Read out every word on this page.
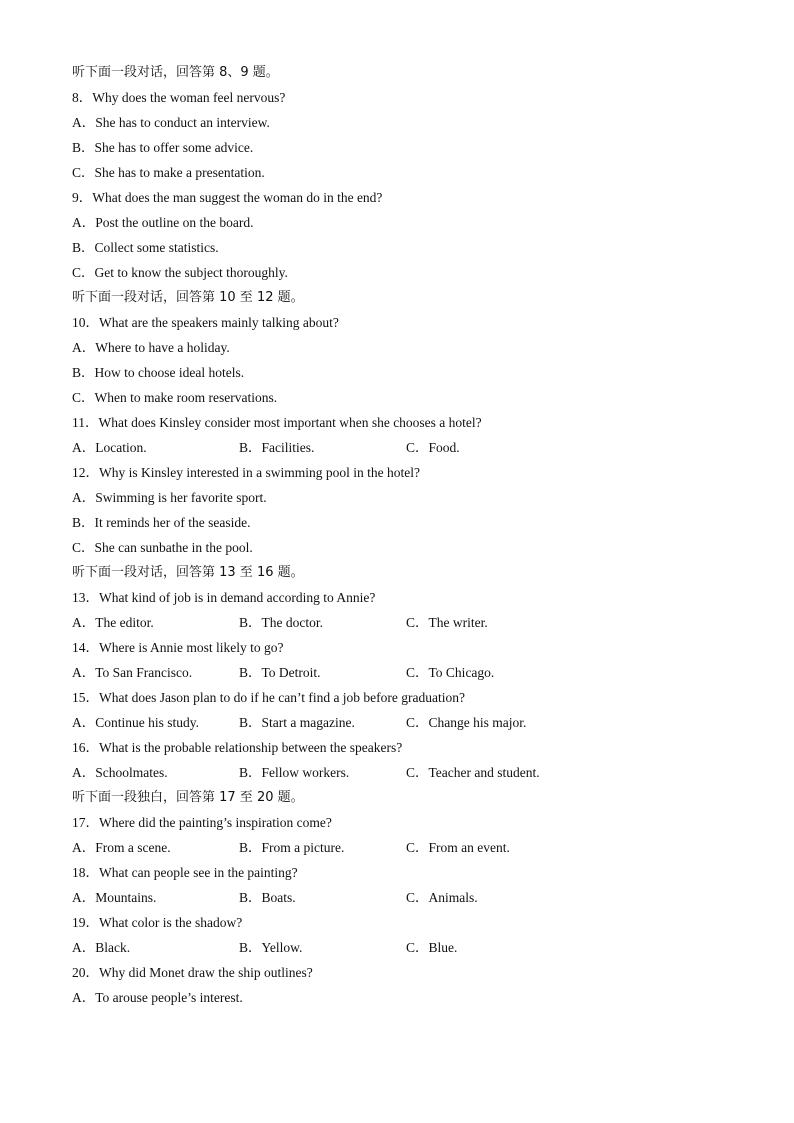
听下面一段对话，回答第 8、9 题。
8．Why does the woman feel nervous?
A．She has to conduct an interview.
B．She has to offer some advice.
C．She has to make a presentation.
9．What does the man suggest the woman do in the end?
A．Post the outline on the board.
B．Collect some statistics.
C．Get to know the subject thoroughly.
听下面一段对话，回答第 10 至 12 题。
10．What are the speakers mainly talking about?
A．Where to have a holiday.
B．How to choose ideal hotels.
C．When to make room reservations.
11．What does Kinsley consider most important when she chooses a hotel?
A．Location.	B．Facilities.	C．Food.
12．Why is Kinsley interested in a swimming pool in the hotel?
A．Swimming is her favorite sport.
B．It reminds her of the seaside.
C．She can sunbathe in the pool.
听下面一段对话，回答第 13 至 16 题。
13．What kind of job is in demand according to Annie?
A．The editor.	B．The doctor.	C．The writer.
14．Where is Annie most likely to go?
A．To San Francisco.	B．To Detroit.	C．To Chicago.
15．What does Jason plan to do if he can’t find a job before graduation?
A．Continue his study.	B．Start a magazine.	C．Change his major.
16．What is the probable relationship between the speakers?
A．Schoolmates.	B．Fellow workers.	C．Teacher and student.
听下面一段独白，回答第 17 至 20 题。
17．Where did the painting’s inspiration come?
A．From a scene.	B．From a picture.	C．From an event.
18．What can people see in the painting?
A．Mountains.	B．Boats.	C．Animals.
19．What color is the shadow?
A．Black.	B．Yellow.	C．Blue.
20．Why did Monet draw the ship outlines?
A．To arouse people’s interest.
